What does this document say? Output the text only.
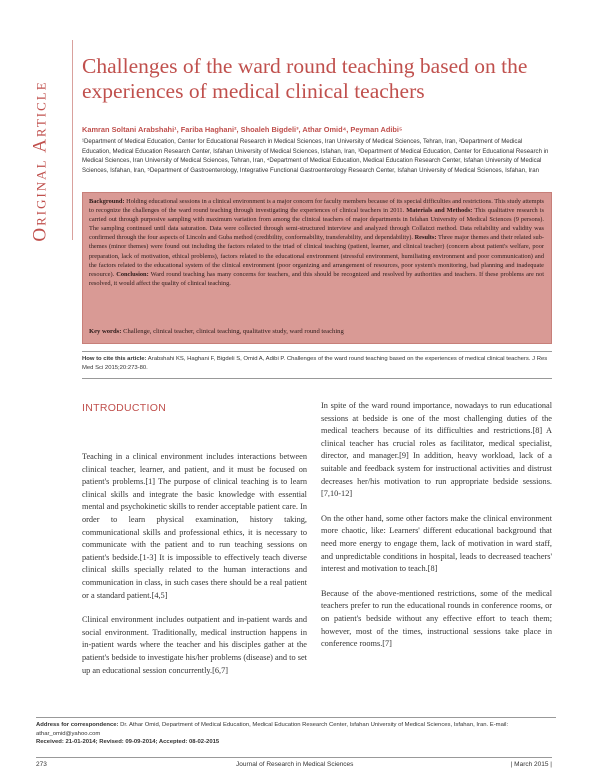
Original Article
Challenges of the ward round teaching based on the experiences of medical clinical teachers
Kamran Soltani Arabshahi¹, Fariba Haghani², Shoaleh Bigdeli³, Athar Omid⁴, Peyman Adibi⁵
¹Department of Medical Education, Center for Educational Research in Medical Sciences, Iran University of Medical Sciences, Tehran, Iran, ²Department of Medical Education, Medical Education Research Center, Isfahan University of Medical Sciences, Isfahan, Iran, ³Department of Medical Education, Center for Educational Research in Medical Sciences, Iran University of Medical Sciences, Tehran, Iran, ⁴Department of Medical Education, Medical Education Research Center, Isfahan University of Medical Sciences, Isfahan, Iran, ⁵Department of Gastroenterology, Integrative Functional Gastroenterology Research Center, Isfahan University of Medical Sciences, Isfahan, Iran
Background: Holding educational sessions in a clinical environment is a major concern for faculty members because of its special difficulties and restrictions. This study attempts to recognize the challenges of the ward round teaching through investigating the experiences of clinical teachers in 2011. Materials and Methods: This qualitative research is carried out through purposive sampling with maximum variation from among the clinical teachers of major departments in Isfahan University of Medical Sciences (9 persons). The sampling continued until data saturation. Data were collected through semi-structured interview and analyzed through Collaizzi method. Data reliability and validity was confirmed through the four aspects of Lincoln and Guba method (credibility, conformability, transferability, and dependability). Results: Three major themes and their related sub-themes (minor themes) were found out including the factors related to the triad of clinical teaching (patient, learner, and clinical teacher) (concern about patient's welfare, poor preparation, lack of motivation, ethical problems), factors related to the educational environment (stressful environment, humiliating environment and poor communication) and the factors related to the educational system of the clinical environment (poor organizing and arrangement of resources, poor system's monitoring, bad planning and inadequate resource). Conclusion: Ward round teaching has many concerns for teachers, and this should be recognized and resolved by authorities and teachers. If these problems are not resolved, it would affect the quality of clinical teaching.
Key words: Challenge, clinical teacher, clinical teaching, qualitative study, ward round teaching
How to cite this article: Arabshahi KS, Haghani F, Bigdeli S, Omid A, Adibi P. Challenges of the ward round teaching based on the experiences of medical clinical teachers. J Res Med Sci 2015;20:273-80.
INTRODUCTION

Teaching in a clinical environment includes interactions between clinical teacher, learner, and patient, and it must be focused on patient's problems.[1] The purpose of clinical teaching is to learn clinical skills and integrate the basic knowledge with essential mental and psychokinetic skills to render acceptable patient care. In order to learn physical examination, history taking, communicational skills and professional ethics, it is necessary to communicate with the patient and to run teaching sessions on patient's bedside.[1-3] It is impossible to effectively teach diverse clinical skills specially related to the human interactions and communication in class, in such cases there should be a real patient or a standard patient.[4,5]

Clinical environment includes outpatient and in-patient wards and social environment. Traditionally, medical instruction happens in in-patient wards where the teacher and his disciples gather at the patient's bedside to investigate his/her problems (disease) and to set up an educational session concurrently.[6,7]

In spite of the ward round importance, nowadays to run educational sessions at bedside is one of the most challenging duties of the medical teachers because of its difficulties and restrictions.[8] A clinical teacher has crucial roles as facilitator, medical specialist, director, and manager.[9] In addition, heavy workload, lack of a suitable and feedback system for instructional activities and distrust decreases her/his motivation to run appropriate bedside sessions.[7,10-12]

On the other hand, some other factors make the clinical environment more chaotic, like: Learners' different educational background that need more energy to engage them, lack of motivation in ward staff, and unpredictable conditions in hospital, leads to decreased teachers' interest and motivation to teach.[8]

Because of the above-mentioned restrictions, some of the medical teachers prefer to run the educational rounds in conference rooms, or on patient's bedside without any effective effort to teach them; however, most of the times, instructional sessions take place in conference rooms.[7]

Address for correspondence: Dr. Athar Omid, Department of Medical Education, Medical Education Research Center, Isfahan University of Medical Sciences, Isfahan, Iran. E-mail: athar_omid@yahoo.com
Received: 21-01-2014; Revised: 09-09-2014; Accepted: 08-02-2015
273	Journal of Research in Medical Sciences	| March 2015 |
